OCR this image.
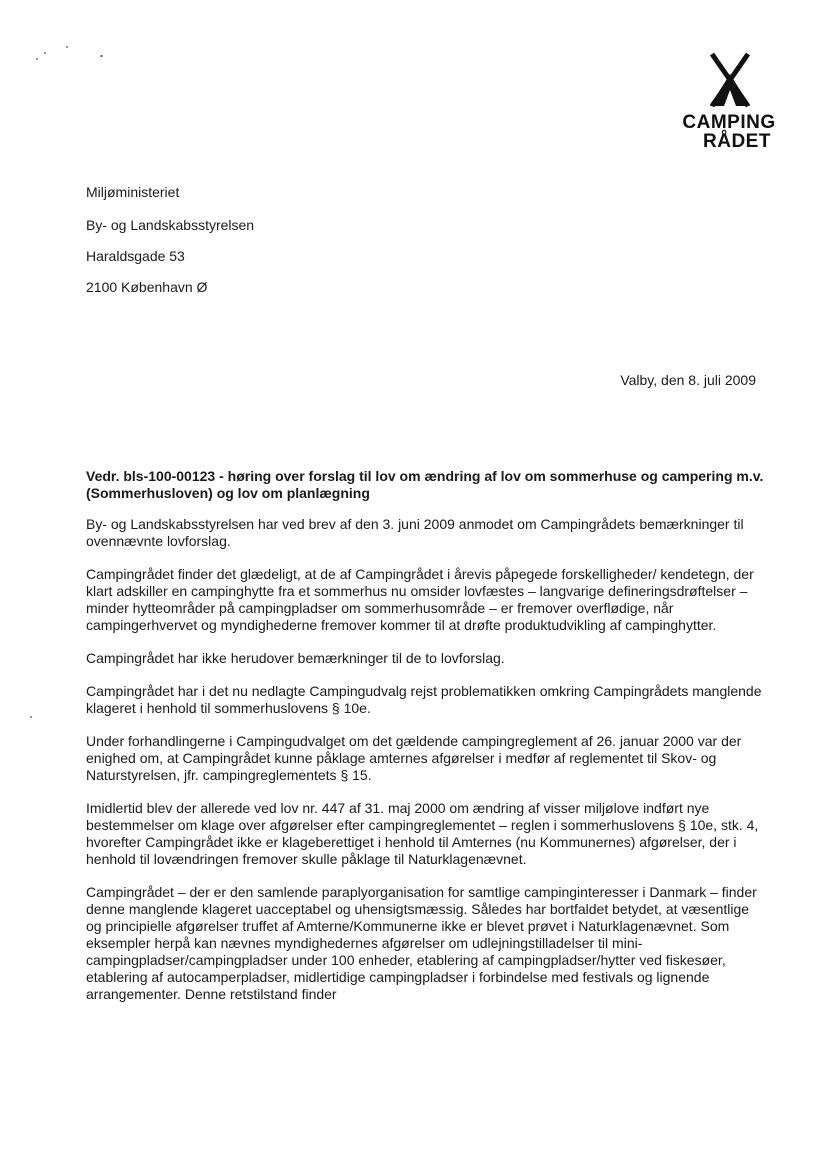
CAMPING
RÅDET
Miljøministeriet
By- og Landskabsstyrelsen
Haraldsgade 53
2100 København Ø
Valby, den 8. juli 2009
Vedr. bls-100-00123 - høring over forslag til lov om ændring af lov om sommerhuse og campering m.v. (Sommerhusloven) og lov om planlægning

By- og Landskabsstyrelsen har ved brev af den 3. juni 2009 anmodet om Campingrådets bemærkninger til ovennævnte lovforslag.

Campingrådet finder det glædeligt, at de af Campingrådet i årevis påpegede forskelligheder/ kendetegn, der klart adskiller en campinghytte fra et sommerhus nu omsider lovfæstes – langvarige defineringsdrøftelser – minder hytteområder på campingpladser om sommerhusområde – er fremover overflødige, når campingerhvervet og myndighederne fremover kommer til at drøfte produktudvikling af campinghytter.

Campingrådet har ikke herudover bemærkninger til de to lovforslag.

Campingrådet har i det nu nedlagte Campingudvalg rejst problematikken omkring Campingrådets manglende klageret i henhold til sommerhuslovens § 10e.

Under forhandlingerne i Campingudvalget om det gældende campingreglement af 26. januar 2000 var der enighed om, at Campingrådet kunne påklage amternes afgørelser i medfør af reglementet til Skov- og Naturstyrelsen, jfr. campingreglementets § 15.

Imidlertid blev der allerede ved lov nr. 447 af 31. maj 2000 om ændring af visser miljølove indført nye bestemmelser om klage over afgørelser efter campingreglementet – reglen i sommerhuslovens § 10e, stk. 4, hvorefter Campingrådet ikke er klageberettiget i henhold til Amternes (nu Kommunernes) afgørelser, der i henhold til lovændringen fremover skulle påklage til Naturklagenævnet.

Campingrådet – der er den samlende paraplyorganisation for samtlige campinginteresser i Danmark – finder denne manglende klageret uacceptabel og uhensigtsmæssig. Således har bortfaldet betydet, at væsentlige og principielle afgørelser truffet af Amterne/Kommunerne ikke er blevet prøvet i Naturklagenævnet. Som eksempler herpå kan nævnes myndighedernes afgørelser om udlejningstilladelser til mini-campingpladser/campingpladser under 100 enheder, etablering af campingpladser/hytter ved fiskesøer, etablering af autocamperpladser, midlertidige campingpladser i forbindelse med festivals og lignende arrangementer. Denne retstilstand finder
